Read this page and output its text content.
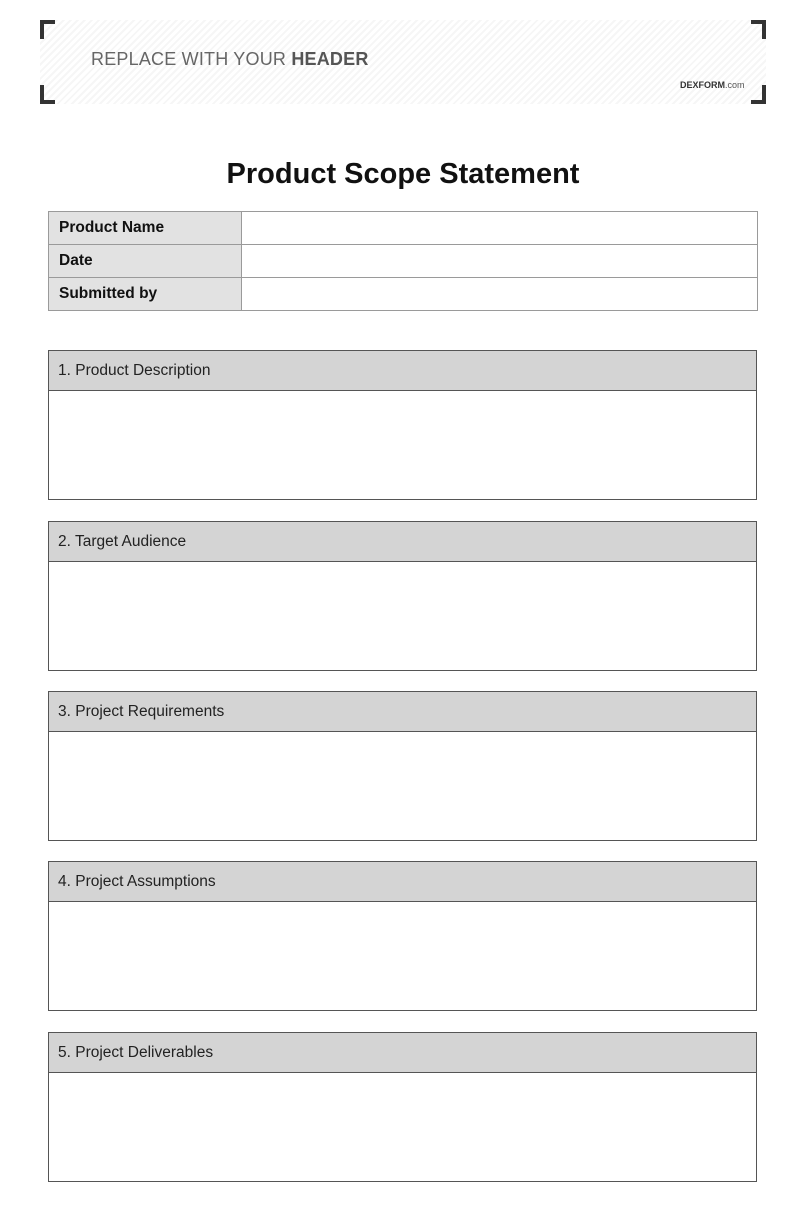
REPLACE WITH YOUR HEADER
DEXFORM.com
Product Scope Statement
Product Name	
Date	
Submitted by	
1. Product Description
2. Target Audience
3. Project Requirements
4. Project Assumptions
5. Project Deliverables
